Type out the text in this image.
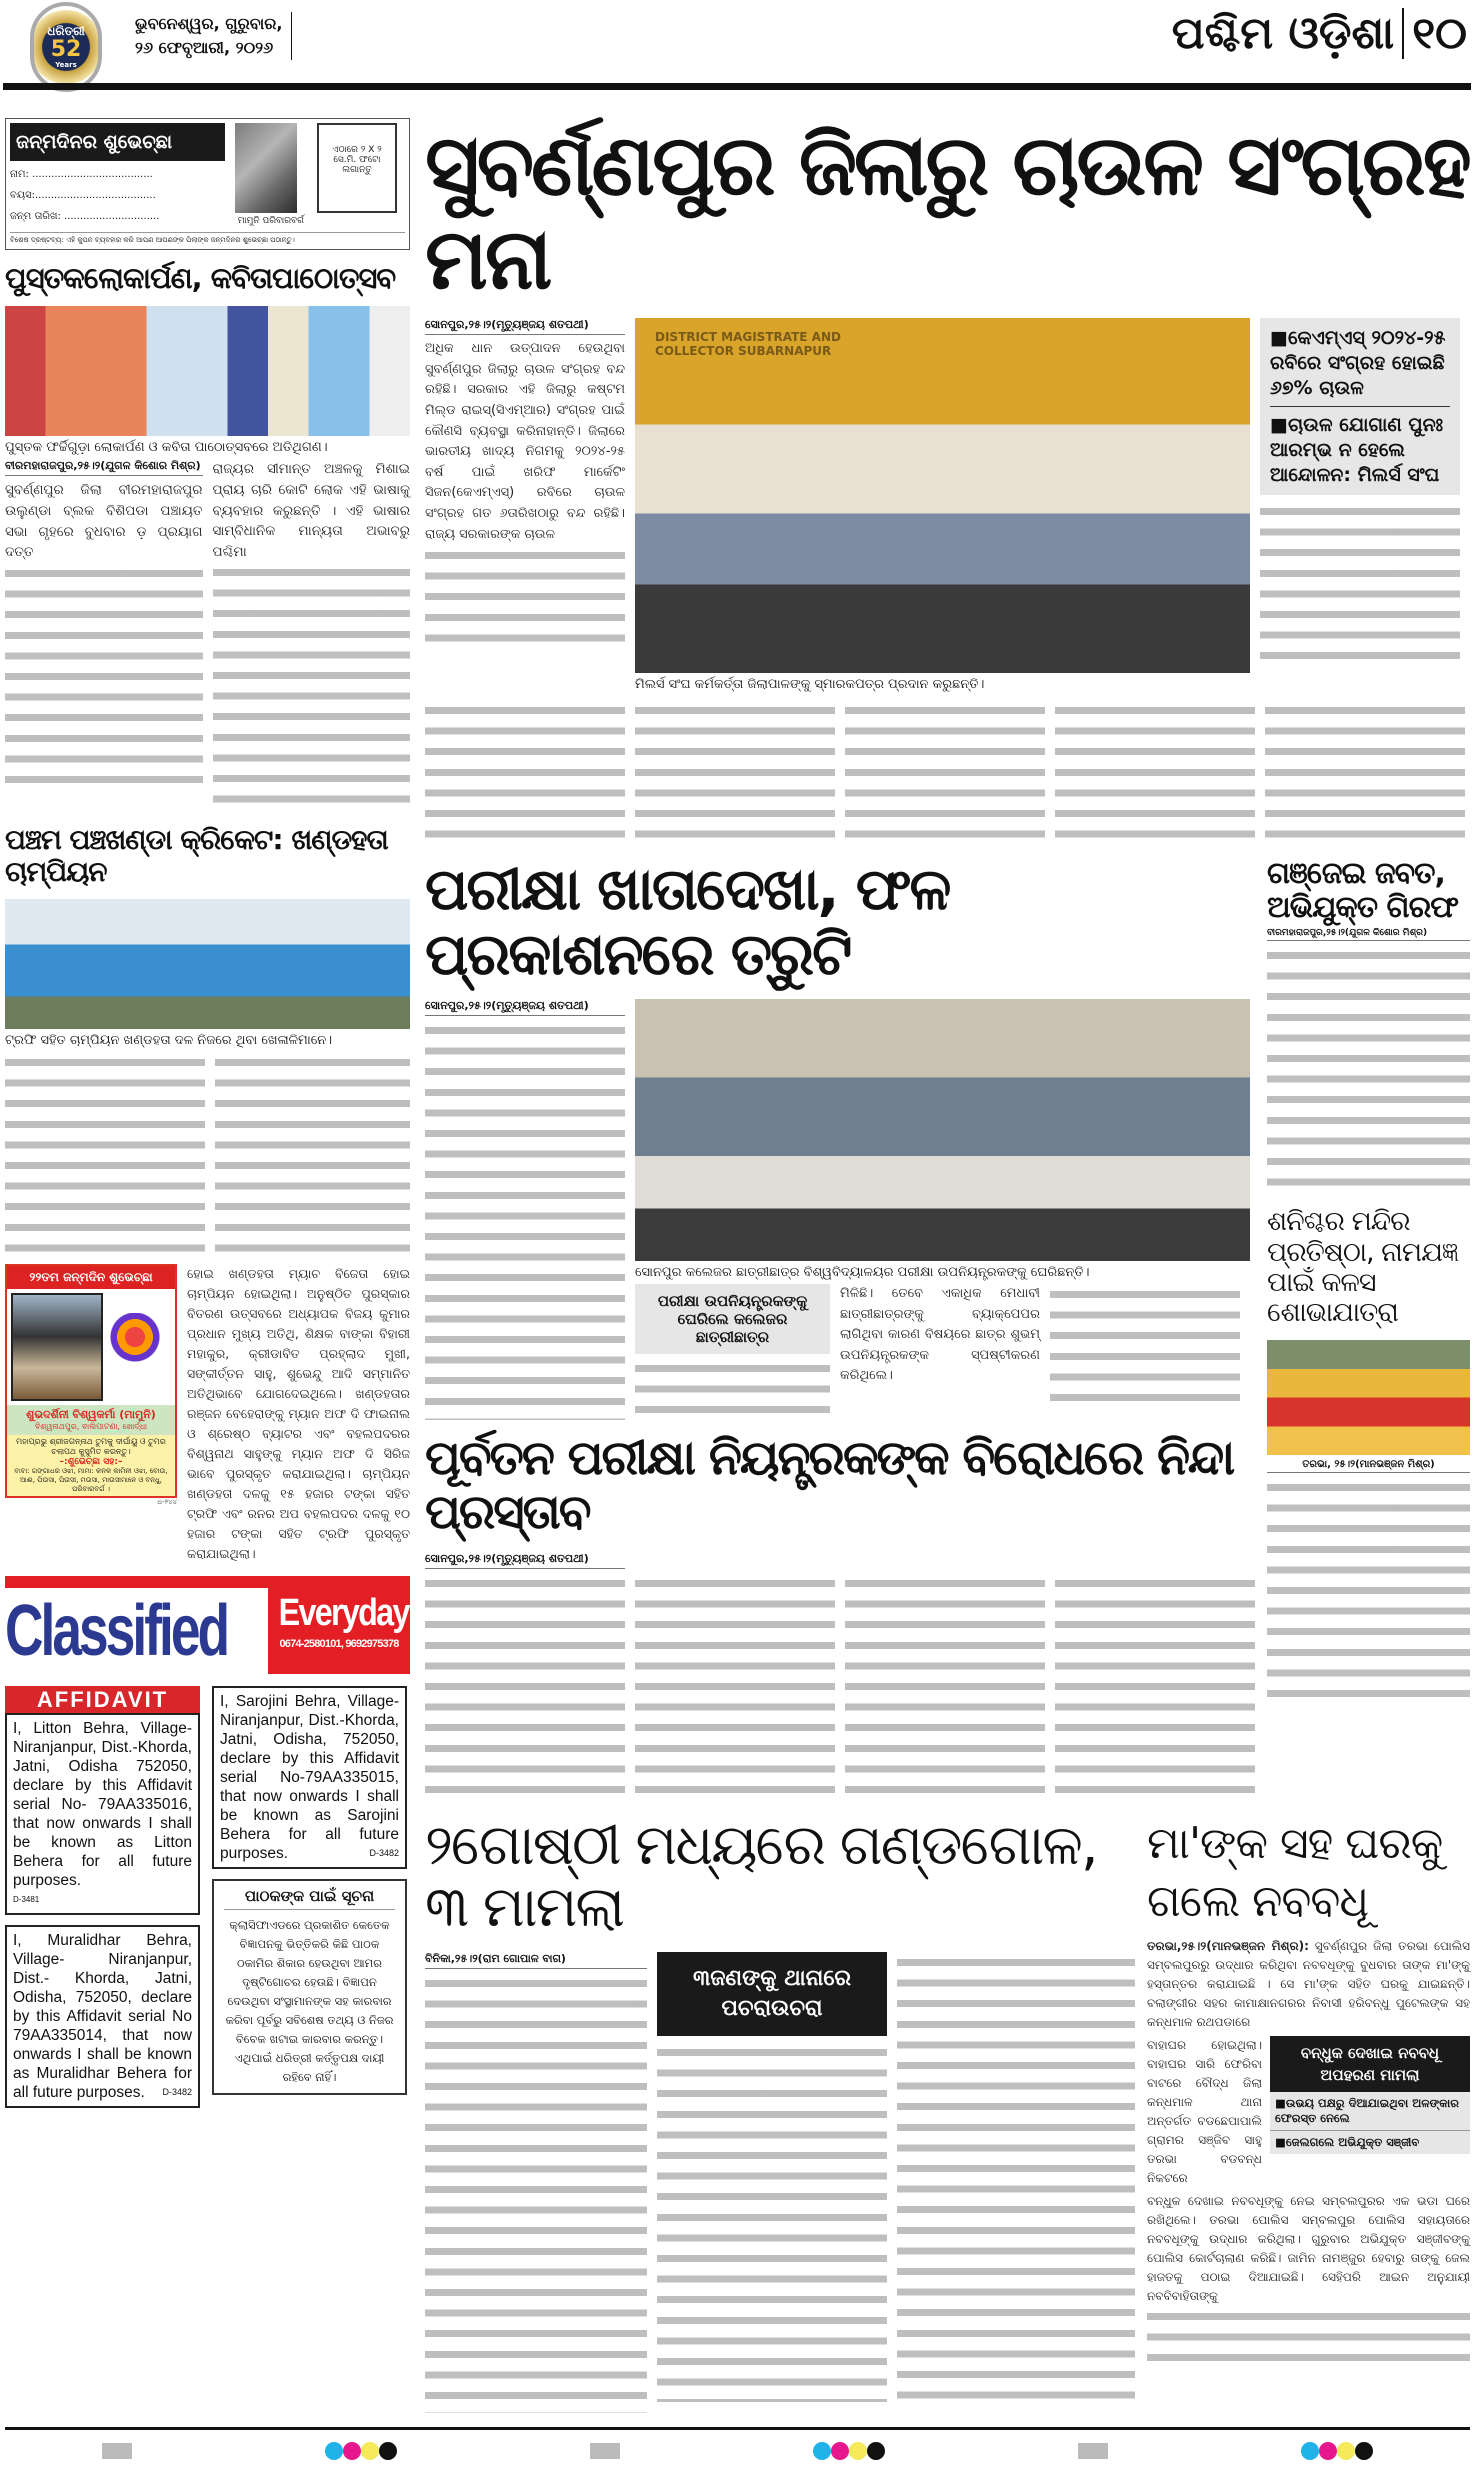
ଧରିତ୍ରୀ
52
Years
ଭୁବନେଶ୍ୱର, ଗୁରୁବାର,
୨୬ ଫେବୃଆରୀ, ୨୦୨୬	ପଶ୍ଚିମ ଓଡ଼ିଶା ୧୦
ଜନ୍ମଦିନର ଶୁଭେଚ୍ଛା
ନାମ: ......................................
ବୟସ:......................................
ଜନ୍ମ ତାରିଖ: ..............................	ମାମୁନି ପରିବାରବର୍ଗ
ଏଠାରେ ୨ X ୨ ସେ.ମି. ଫଟୋ ଲଗାନ୍ତୁ
ବିଶେଷ ଦ୍ରଷ୍ଟବ୍ୟ: ଏହି କୁପନ ବ୍ୟବହାର କରି ଆପଣ ଆପଣଙ୍କ ପିଲାଙ୍କ ଜନ୍ମଦିନର ଶୁଭେଚ୍ଛା ପଠାନ୍ତୁ।
ପୁସ୍ତକଲୋକାର୍ପଣ, କବିତାପାଠୋତ୍ସବ
ପୁସ୍ତକ ଫର୍ଚ୍ଚିଗୁଡ଼ା ଲୋକାର୍ପଣ ଓ କବିତା ପାଠୋତ୍ସବରେ ଅତିଥିଗଣ।
ବୀରମହାରାଜପୁର,୨୫।୨(ଯୁଗଳ କିଶୋର ମିଶ୍ର)
ସୁବର୍ଣ୍ଣପୁର ଜିଲା ବୀରମହାରାଜପୁର ଉଲୁଣ୍ଡା ବ୍ଲକ ବିଶିପଡା ପଞ୍ଚାୟତ ସଭା ଗୃହରେ ବୁଧବାର ଡ଼ ପ୍ରୟାଗ ଦତ୍ତ
ରାଜ୍ୟର ସୀମାନ୍ତ ଅଞ୍ଚଳକୁ ମିଶାଇ ପ୍ରାୟ ଚାରି କୋଟି ଲୋକ ଏହି ଭାଷାକୁ ବ୍ୟବହାର କରୁଛନ୍ତି । ଏହି ଭାଷାର ସାମ୍ବିଧାନିକ ମାନ୍ୟତା ଅଭାବରୁ ପଶ୍ଚିମା
ପଞ୍ଚମ ପଞ୍ଚଖଣ୍ଡା କ୍ରିକେଟ: ଖଣ୍ଡହତା ଚାମ୍ପିୟନ
ଟ୍ରଫି ସହିତ ଚାମ୍ପିୟନ ଖଣ୍ଡହତା ଦଳ ନିଜରେ ଥିବା ଖେଳାଳିମାନେ।
୨୨ତମ ଜନ୍ମଦିନ ଶୁଭେଚ୍ଛା
ଶୁଭଦର୍ଶିନୀ ବିଶ୍ୱକର୍ମା (ମାମୁନି)
ବିଶ୍ୱନାଥପୁର, ବାଲିପାଟଣା, ଖୋର୍ଦ୍ଧା
ମହାପ୍ରଭୁ ଶ୍ରୀଜଗନ୍ନାଥ ତୁମକୁ ଦୀର୍ଘାୟୁ ଓ ତୁମର ଚଲାପଥ କୁସୁମିତ କରନ୍ତୁ।
–:ଶୁଭେଚ୍ଛା ସହ:–
ବାବା: ଗଙ୍ଗାଧର ଓଝା, ମାମା: କନକ କାମିନୀ ଓଝା, ବୋଉ, ଆଈ, ପିଉସା, ପିଉସୀ, ମଉସା, ମାଉସୀମାନେ ଓ ବନ୍ଧୁ, ପରିବାରବର୍ଗ ।
ଧ-୨୪୪
ହୋଇ ଖଣ୍ଡହତା ମ୍ୟାଚ ବିଜେତା ହୋଇ ଚାମ୍ପିୟନ ହୋଇଥିଲା। ଅନୁଷ୍ଠିତ ପୁରସ୍କାର ବିତରଣ ଉତ୍ସବରେ ଅଧ୍ୟାପକ ବିଜୟ କୁମାର ପ୍ରଧାନ ମୁଖ୍ୟ ଅତିଥି, ଶିକ୍ଷକ ବାଙ୍କା ବିହାରୀ ମହାକୁର, କ୍ରୀଡାବିତ ପ୍ରହ୍ଲାଦ ମୁଖୀ, ସଙ୍କୀର୍ତ୍ତନ ସାହୁ, ଶୁଭେନ୍ଦୁ ଆଦି ସମ୍ମାନିତ ଅତିଥିଭାବେ ଯୋଗଦେଇଥିଲେ। ଖଣ୍ଡହତାର ରଞ୍ଜନ ବେହେରାଙ୍କୁ ମ୍ୟାନ ଅଫ ଦି ଫାଇନାଲ ଓ ଶ୍ରେଷ୍ଠ ବ୍ୟାଟର ଏବଂ ବହଲପଦରର ବିଶ୍ୱନାଥ ସାହୁଙ୍କୁ ମ୍ୟାନ ଅଫ ଦି ସିରିଜ ଭାବେ ପୁରସ୍କୃତ କରାଯାଇଥିଲା। ଚାମ୍ପିୟନ ଖଣ୍ଡହତା ଦଳକୁ ୧୫ ହଜାର ଟଙ୍କା ସହିତ ଟ୍ରଫି ଏବଂ ରନର ଅପ ବହଲପଦର ଦଳକୁ ୧୦ ହଜାର ଟଙ୍କା ସହିତ ଟ୍ରଫି ପୁରସ୍କୃତ କରାଯାଇଥିଲା।
Classified Everyday
0674-2580101, 9692975378
AFFIDAVIT
I, Litton Behra, Village-Niranjanpur, Dist.-Khorda, Jatni, Odisha 752050, declare by this Affidavit serial No- 79AA335016, that now onwards I shall be known as Litton Behera for all future purposes.
D-3481
I, Muralidhar Behra, Village- Niranjanpur, Dist.- Khorda, Jatni, Odisha, 752050, declare by this Affidavit serial No 79AA335014, that now onwards I shall be known as Muralidhar Behera for all future purposes. D-3482
I, Sarojini Behra, Village-Niranjanpur, Dist.-Khorda, Jatni, Odisha, 752050, declare by this Affidavit serial No-79AA335015, that now onwards I shall be known as Sarojini Behera for all future purposes.	D-3482
ପାଠକଙ୍କ ପାଇଁ ସୂଚନା
କ୍ଲାସିଫାଏଡରେ ପ୍ରକାଶିତ କେତେକ ବିଜ୍ଞାପନକୁ ଭିତ୍ତିକରି କିଛି ପାଠକ ଠକାମିର ଶିକାର ହେଉଥିବା ଆମର ଦୃଷ୍ଟିଗୋଚର ହେଉଛି। ବିଜ୍ଞାପନ ଦେଉଥିବା ସଂସ୍ଥାମାନଙ୍କ ସହ କାରବାର କରିବା ପୂର୍ବରୁ ସବିଶେଷ ତଥ୍ୟ ଓ ନିଜର ବିବେକ ଖଟାଇ କାରବାର କରନ୍ତୁ। ଏଥିପାଇଁ ଧରିତ୍ରୀ କର୍ତ୍ତୃପକ୍ଷ ଦାୟୀ ରହିବେ ନାହିଁ।
ସୁବର୍ଣ୍ଣପୁର ଜିଲାରୁ ଚାଉଳ ସଂଗ୍ରହ ମନା
ସୋନପୁର,୨୫।୨(ମୃତ୍ୟୁଞ୍ଜୟ ଶତପଥୀ)
ଅଧିକ ଧାନ ଉତ୍ପାଦନ ହେଉଥିବା ସୁବର୍ଣ୍ଣପୁର ଜିଲାରୁ ଚାଉଳ ସଂଗ୍ରହ ବନ୍ଦ ରହିଛି। ସରକାର ଏହି ଜିଲାରୁ କଷ୍ଟମ ମିଲ୍‌ଡ ରାଇସ୍‌(ସିଏମ୍‌ଆର) ସଂଗ୍ରହ ପାଇଁ କୌଣସି ବ୍ୟବସ୍ଥା କରିନାହାନ୍ତି। ଜିଲାରେ ଭାରତୀୟ ଖାଦ୍ୟ ନିଗମକୁ ୨୦୨୪-୨୫ ବର୍ଷ ପାଇଁ ଖରିଫ ମାର୍କେଟିଂ ସିଜନ(କେଏମ୍‌ଏସ୍‌) ରବିରେ ଚାଉଳ ସଂଗ୍ରହ ଗତ ୬ତାରିଖଠାରୁ ବନ୍ଦ ରହିଛି। ରାଜ୍ୟ ସରକାରଙ୍କ ଚାଉଳ
DISTRICT MAGISTRATE AND COLLECTOR SUBARNAPUR
ମିଲର୍ସ ସଂଘ କର୍ମକର୍ତ୍ତା ଜିଲାପାଳଙ୍କୁ ସ୍ମାରକପତ୍ର ପ୍ରଦାନ କରୁଛନ୍ତି।
■କେଏମ୍‌ଏସ୍‌ ୨୦୨୪-୨୫ ରବିରେ ସଂଗ୍ରହ ହୋଇଛି ୬୭% ଚାଉଳ
■ଚାଉଳ ଯୋଗାଣ ପୁନଃ ଆରମ୍ଭ ନ ହେଲେ ଆନ୍ଦୋଳନ: ମିଲର୍ସ ସଂଘ
ପରୀକ୍ଷା ଖାତାଦେଖା, ଫଳ ପ୍ରକାଶନରେ ତ୍ରୁଟି
ସୋନପୁର,୨୫।୨(ମୃତ୍ୟୁଞ୍ଜୟ ଶତପଥୀ)
ସୋନପୁର କଲେଜର ଛାତ୍ରୀଛାତ୍ର ବିଶ୍ୱବିଦ୍ୟାଳୟର ପରୀକ୍ଷା ଉପନିୟନ୍ତ୍ରକଙ୍କୁ ଘେରିଛନ୍ତି।
ପରୀକ୍ଷା ଉପନିୟନ୍ତ୍ରକଙ୍କୁ ଘେରିଲେ କଲେଜର ଛାତ୍ରୀଛାତ୍ର
ମିଳିଛି। ତେବେ ଏକାଧିକ ମେଧାବୀ ଛାତ୍ରୀଛାତ୍ରଙ୍କୁ ବ୍ୟାକ୍‌ପେପର ଲାଗିଥିବା କାରଣ ବିଷୟରେ ଛାତ୍ର ଶୁଭମ୍ ଉପନିୟନ୍ତ୍ରକଙ୍କ ସ୍ପଷ୍ଟୀକରଣ କରିଥିଲେ।
ପୂର୍ବତନ ପରୀକ୍ଷା ନିୟନ୍ତ୍ରକଙ୍କ ବିରୋଧରେ ନିନ୍ଦା ପ୍ରସ୍ତାବ
ସୋନପୁର,୨୫।୨(ମୃତ୍ୟୁଞ୍ଜୟ ଶତପଥୀ)
ଗଞ୍ଜେଇ ଜବତ, ଅଭିଯୁକ୍ତ ଗିରଫ
ବୀରମହାରାଜପୁର,୨୫।୨(ଯୁଗଳ କିଶୋର ମିଶ୍ର)
ଶନିଶ୍ଚର ମନ୍ଦିର ପ୍ରତିଷ୍ଠା, ନାମଯଜ୍ଞ ପାଇଁ କଳସ ଶୋଭାଯାତ୍ରା
ତରଭା, ୨୫।୨(ମାନଭଞ୍ଜନ ମିଶ୍ର)
୨ଗୋଷ୍ଠୀ ମଧ୍ୟରେ ଗଣ୍ଡଗୋଳ, ୩ ମାମଲା
ବିନିକା,୨୫।୨(ରାମ ଗୋପାଳ ବାଗ)
୩ଜଣଙ୍କୁ ଥାନାରେ ପଚରାଉଚରା
ମା'ଙ୍କ ସହ ଘରକୁ ଗଲେ ନବବଧୂ
ତରଭା,୨୫।୨(ମାନଭଞ୍ଜନ ମିଶ୍ର): ସୁବର୍ଣ୍ଣପୁର ଜିଲା ତରଭା ପୋଲିସ ସମ୍ବଲପୁରରୁ ଉଦ୍ଧାର କରିଥିବା ନବବଧୂଙ୍କୁ ବୁଧବାର ତାଙ୍କ ମା'ଙ୍କୁ ହସ୍ତାନ୍ତର କରାଯାଇଛି । ସେ ମା'ଙ୍କ ସହିତ ଘରକୁ ଯାଇଛନ୍ତି। ବଲାଙ୍ଗୀର ସହର କାମାକ୍ଷାନଗରର ନିବାସୀ ହରିବନ୍ଧୁ ପୁଟେଲଙ୍କ ସହ କନ୍ଧମାଳ ରଥପଡାରେ
ବାହାଘର ହୋଇଥିଲା। ବାହାଘର ସାରି ଫେରିବା ବାଟରେ ବୌଦ୍ଧ ଜିଲା କନ୍ଧମାଳ ଥାନା ଅନ୍ତର୍ଗତ ବଡଛେପାପାଲି ଗ୍ରାମର ସଞ୍ଜିବ ସାହୁ ତରଭା ବଡବନ୍ଧ ନିକଟରେ
ବନ୍ଧୁକ ଦେଖାଇ ନବବଧୂ ଅପହରଣ ମାମଲା
■ଉଭୟ ପକ୍ଷରୁ ଦିଆଯାଇଥିବା ଅଳଙ୍କାର ଫେରସ୍ତ ନେଲେ
■ଜେଲଗଲେ ଅଭିଯୁକ୍ତ ସଞ୍ଜୀବ
ବନ୍ଧୁକ ଦେଖାଇ ନବବଧୂଙ୍କୁ ନେଇ ସମ୍ବଲପୁରର ଏକ ଭଡା ଘରେ ରଖିଥିଲେ। ତରଭା ପୋଲିସ ସମ୍ବଲପୁର ପୋଲିସ ସହାୟତାରେ ନବବଧୂଙ୍କୁ ଉଦ୍ଧାର କରିଥିଲା। ଗୁରୁବାର ଅଭିଯୁକ୍ତ ସଞ୍ଜୀବଙ୍କୁ ପୋଲିସ କୋର୍ଟଚାଲାଣ କରିଛି। ଜାମିନ ନାମଞ୍ଜୁର ହେବାରୁ ତାଙ୍କୁ ଜେଲ ହାଜତକୁ ପଠାଇ ଦିଆଯାଇଛି। ସେହିପରି ଆଇନ ଅନୁଯାୟୀ ନବବିବାହିତାଙ୍କୁ
